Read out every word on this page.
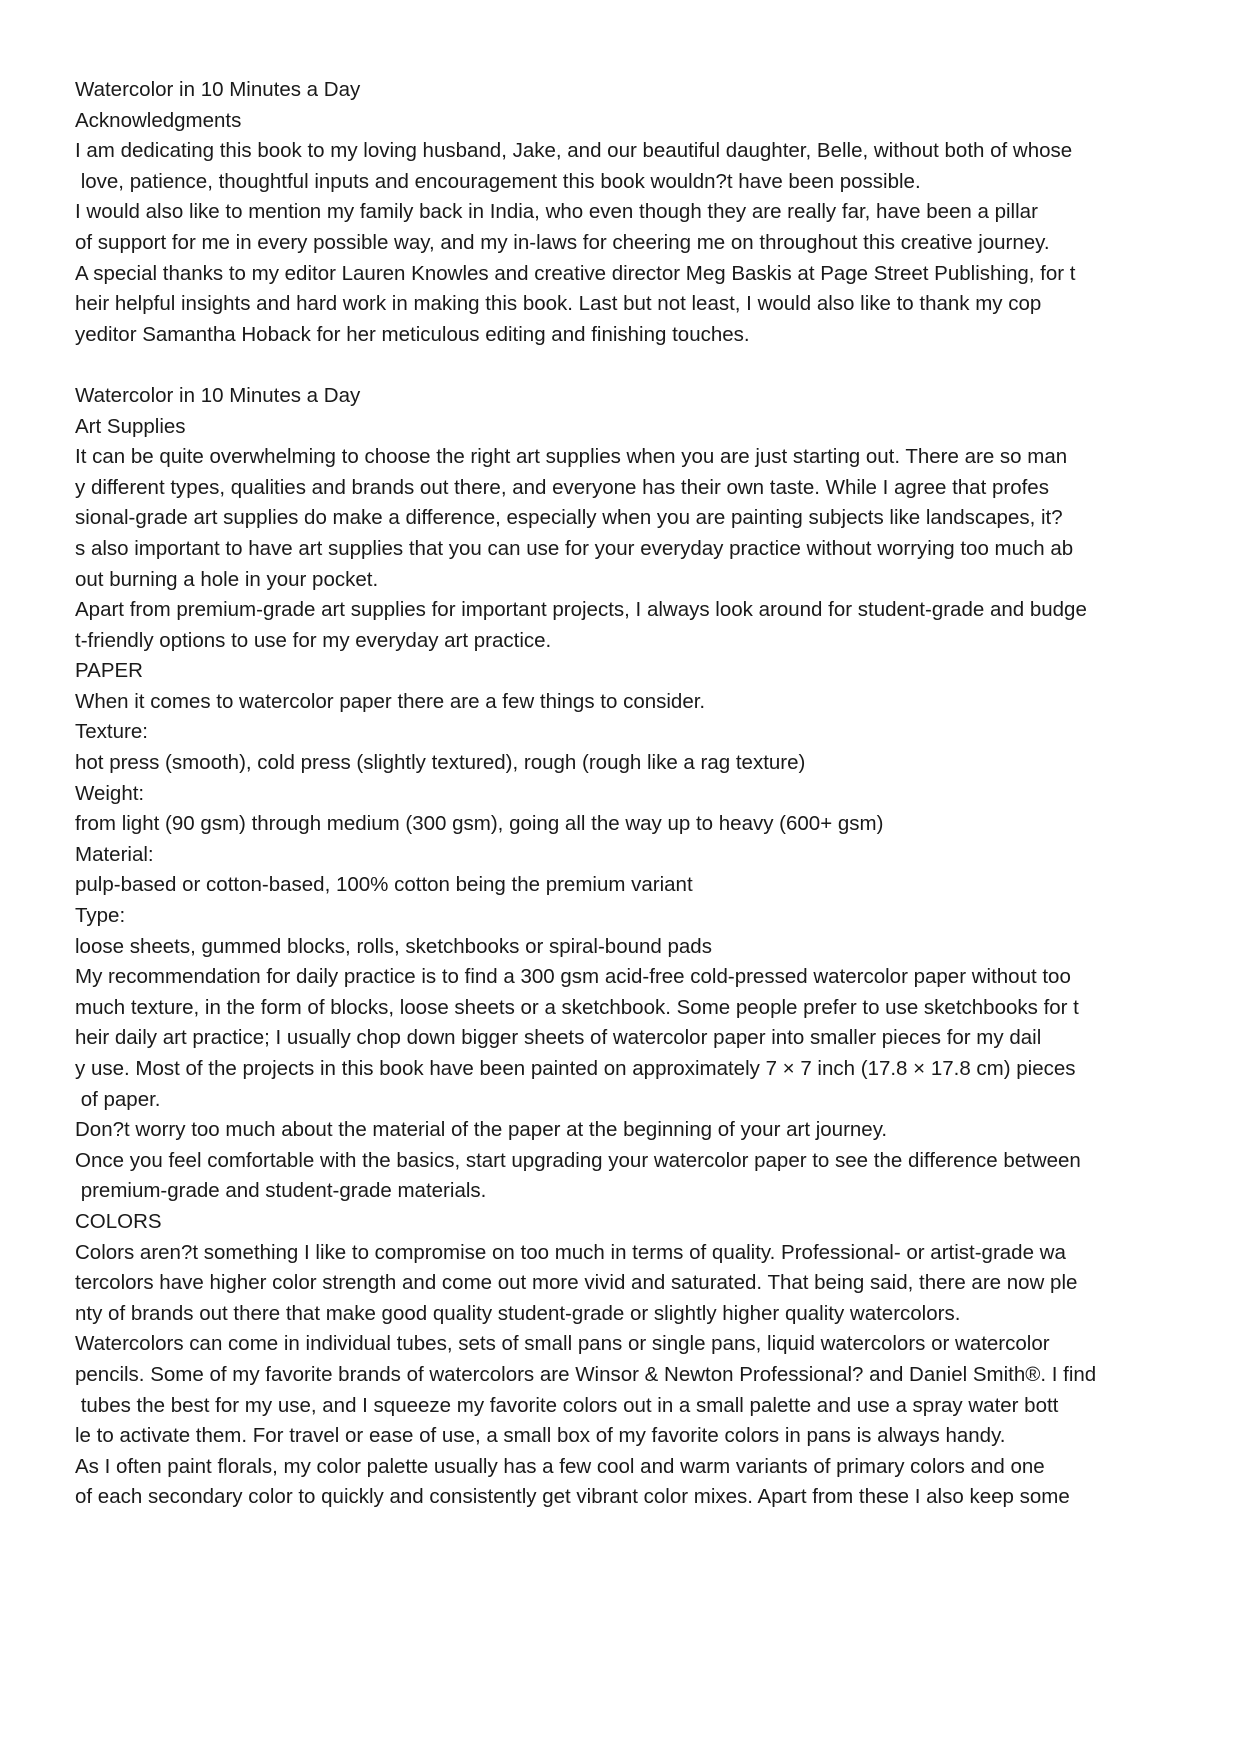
Watercolor in 10 Minutes a Day
Acknowledgments
I am dedicating this book to my loving husband, Jake, and our beautiful daughter, Belle, without both of whose
love, patience, thoughtful inputs and encouragement this book wouldn?t have been possible.
I would also like to mention my family back in India, who even though they are really far, have been a pillar
of support for me in every possible way, and my in-laws for cheering me on throughout this creative journey.
A special thanks to my editor Lauren Knowles and creative director Meg Baskis at Page Street Publishing, for t
heir helpful insights and hard work in making this book. Last but not least, I would also like to thank my cop
yeditor Samantha Hoback for her meticulous editing and finishing touches.
Watercolor in 10 Minutes a Day
Art Supplies
It can be quite overwhelming to choose the right art supplies when you are just starting out. There are so man
y different types, qualities and brands out there, and everyone has their own taste. While I agree that profes
sional-grade art supplies do make a difference, especially when you are painting subjects like landscapes, it?
s also important to have art supplies that you can use for your everyday practice without worrying too much ab
out burning a hole in your pocket.
Apart from premium-grade art supplies for important projects, I always look around for student-grade and budge
t-friendly options to use for my everyday art practice.
PAPER
When it comes to watercolor paper there are a few things to consider.
Texture:
hot press (smooth), cold press (slightly textured), rough (rough like a rag texture)
Weight:
from light (90 gsm) through medium (300 gsm), going all the way up to heavy (600+ gsm)
Material:
pulp-based or cotton-based, 100% cotton being the premium variant
Type:
loose sheets, gummed blocks, rolls, sketchbooks or spiral-bound pads
My recommendation for daily practice is to find a 300 gsm acid-free cold-pressed watercolor paper without too
much texture, in the form of blocks, loose sheets or a sketchbook. Some people prefer to use sketchbooks for t
heir daily art practice; I usually chop down bigger sheets of watercolor paper into smaller pieces for my dail
y use. Most of the projects in this book have been painted on approximately 7 × 7 inch (17.8 × 17.8 cm) pieces
of paper.
Don?t worry too much about the material of the paper at the beginning of your art journey.
Once you feel comfortable with the basics, start upgrading your watercolor paper to see the difference between
premium-grade and student-grade materials.
COLORS
Colors aren?t something I like to compromise on too much in terms of quality. Professional- or artist-grade wa
tercolors have higher color strength and come out more vivid and saturated. That being said, there are now ple
nty of brands out there that make good quality student-grade or slightly higher quality watercolors.
Watercolors can come in individual tubes, sets of small pans or single pans, liquid watercolors or watercolor
pencils. Some of my favorite brands of watercolors are Winsor & Newton Professional? and Daniel Smith®. I find
tubes the best for my use, and I squeeze my favorite colors out in a small palette and use a spray water bott
le to activate them. For travel or ease of use, a small box of my favorite colors in pans is always handy.
As I often paint florals, my color palette usually has a few cool and warm variants of primary colors and one
of each secondary color to quickly and consistently get vibrant color mixes. Apart from these I also keep some
